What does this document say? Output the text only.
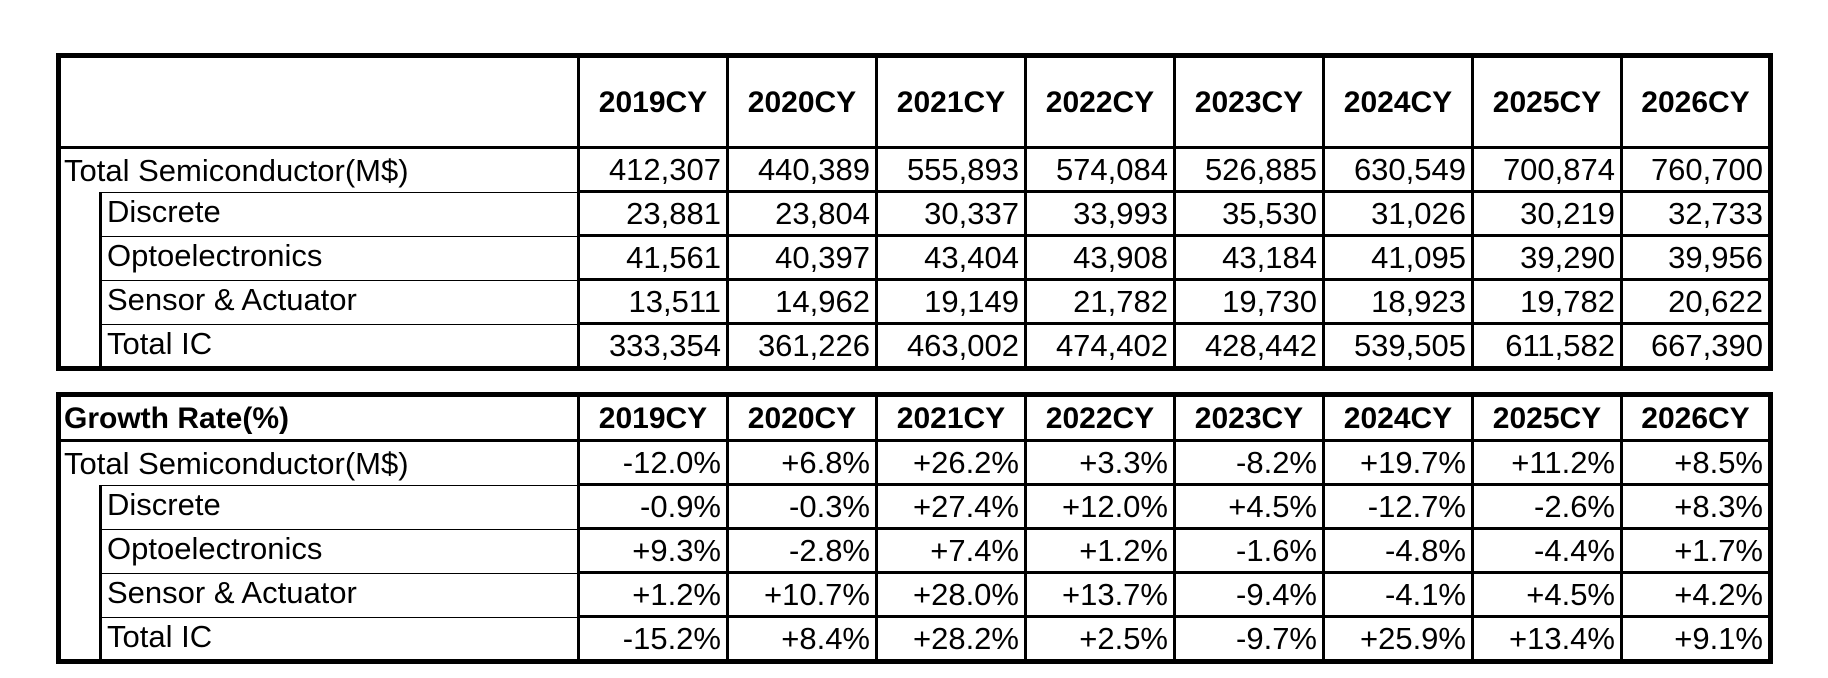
	2019CY	2020CY	2021CY	2022CY	2023CY	2024CY	2025CY	2026CY
Total Semiconductor(M$)	412,307	440,389	555,893	574,084	526,885	630,549	700,874	760,700

Discrete	23,881	23,804	30,337	33,993	35,530	31,026	30,219	32,733

Optoelectronics	41,561	40,397	43,404	43,908	43,184	41,095	39,290	39,956

Sensor & Actuator	13,511	14,962	19,149	21,782	19,730	18,923	19,782	20,622

Total IC	333,354	361,226	463,002	474,402	428,442	539,505	611,582	667,390
Growth Rate(%)	2019CY	2020CY	2021CY	2022CY	2023CY	2024CY	2025CY	2026CY
Total Semiconductor(M$)	-12.0%	+6.8%	+26.2%	+3.3%	-8.2%	+19.7%	+11.2%	+8.5%

Discrete	-0.9%	-0.3%	+27.4%	+12.0%	+4.5%	-12.7%	-2.6%	+8.3%

Optoelectronics	+9.3%	-2.8%	+7.4%	+1.2%	-1.6%	-4.8%	-4.4%	+1.7%

Sensor & Actuator	+1.2%	+10.7%	+28.0%	+13.7%	-9.4%	-4.1%	+4.5%	+4.2%

Total IC	-15.2%	+8.4%	+28.2%	+2.5%	-9.7%	+25.9%	+13.4%	+9.1%
